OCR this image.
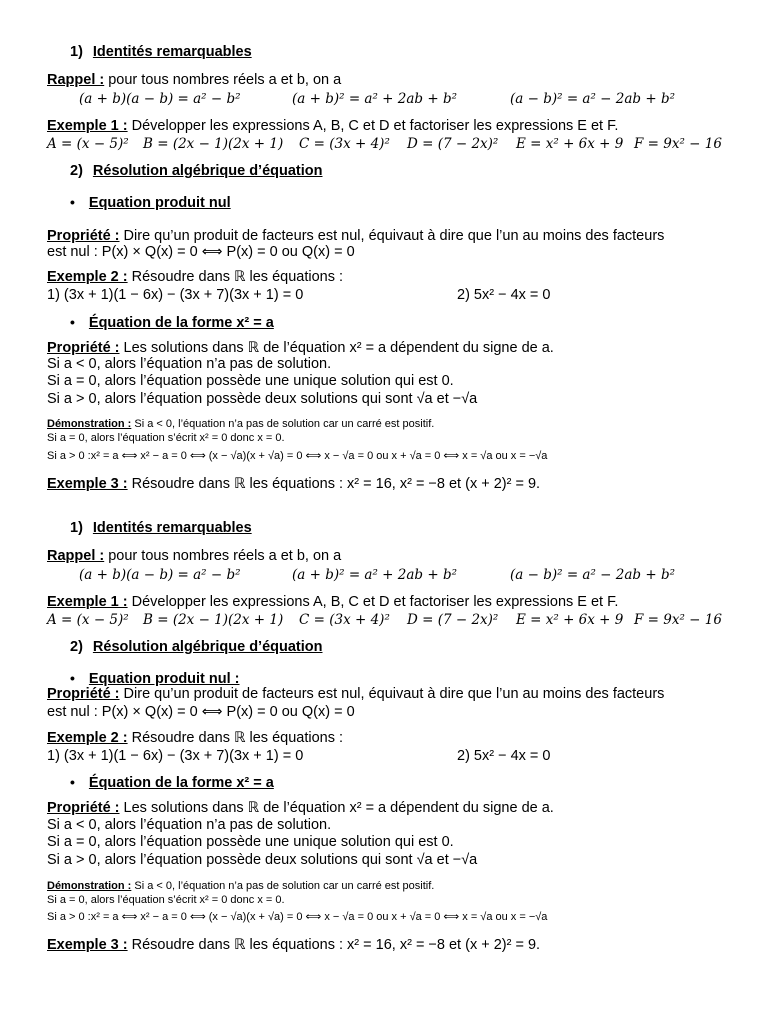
1) Identités remarquables
Rappel : pour tous nombres réels a et b, on a
(a + b)(a − b) = a² − b²	(a + b)² = a² + 2ab + b²	(a − b)² = a² − 2ab + b²
Exemple 1 : Développer les expressions A, B, C et D et factoriser les expressions E et F.
A = (x − 5)² B = (2x − 1)(2x + 1) C = (3x + 4)² D = (7 − 2x)² E = x² + 6x + 9 F = 9x² − 16
2) Résolution algébrique d’équation
• Equation produit nul
Propriété : Dire qu’un produit de facteurs est nul, équivaut à dire que l’un au moins des facteurs
est nul : P(x) × Q(x) = 0 ⟺ P(x) = 0 ou Q(x) = 0
Exemple 2 : Résoudre dans ℝ les équations :
1) (3x + 1)(1 − 6x) − (3x + 7)(3x + 1) = 0	2) 5x² − 4x = 0
• Équation de la forme x² = a
Propriété : Les solutions dans ℝ de l’équation x² = a dépendent du signe de a.
Si a < 0, alors l’équation n’a pas de solution.
Si a = 0, alors l’équation possède une unique solution qui est 0.
Si a > 0, alors l’équation possède deux solutions qui sont √a et −√a
Démonstration : Si a < 0, l’équation n’a pas de solution car un carré est positif.
Si a = 0, alors l’équation s’écrit x² = 0 donc x = 0.
Si a > 0 :x² = a ⟺ x² − a = 0 ⟺ (x − √a)(x + √a) = 0 ⟺ x − √a = 0 ou x + √a = 0 ⟺ x = √a ou x = −√a
Exemple 3 : Résoudre dans ℝ les équations : x² = 16, x² = −8 et (x + 2)² = 9.
1) Identités remarquables
Rappel : pour tous nombres réels a et b, on a
(a + b)(a − b) = a² − b²	(a + b)² = a² + 2ab + b²	(a − b)² = a² − 2ab + b²
Exemple 1 : Développer les expressions A, B, C et D et factoriser les expressions E et F.
A = (x − 5)² B = (2x − 1)(2x + 1) C = (3x + 4)² D = (7 − 2x)² E = x² + 6x + 9 F = 9x² − 16
2) Résolution algébrique d’équation
• Equation produit nul :
Propriété : Dire qu’un produit de facteurs est nul, équivaut à dire que l’un au moins des facteurs
est nul : P(x) × Q(x) = 0 ⟺ P(x) = 0 ou Q(x) = 0
Exemple 2 : Résoudre dans ℝ les équations :
1) (3x + 1)(1 − 6x) − (3x + 7)(3x + 1) = 0	2) 5x² − 4x = 0
• Équation de la forme x² = a
Propriété : Les solutions dans ℝ de l’équation x² = a dépendent du signe de a.
Si a < 0, alors l’équation n’a pas de solution.
Si a = 0, alors l’équation possède une unique solution qui est 0.
Si a > 0, alors l’équation possède deux solutions qui sont √a et −√a
Démonstration : Si a < 0, l’équation n’a pas de solution car un carré est positif.
Si a = 0, alors l’équation s’écrit x² = 0 donc x = 0.
Si a > 0 :x² = a ⟺ x² − a = 0 ⟺ (x − √a)(x + √a) = 0 ⟺ x − √a = 0 ou x + √a = 0 ⟺ x = √a ou x = −√a
Exemple 3 : Résoudre dans ℝ les équations : x² = 16, x² = −8 et (x + 2)² = 9.
